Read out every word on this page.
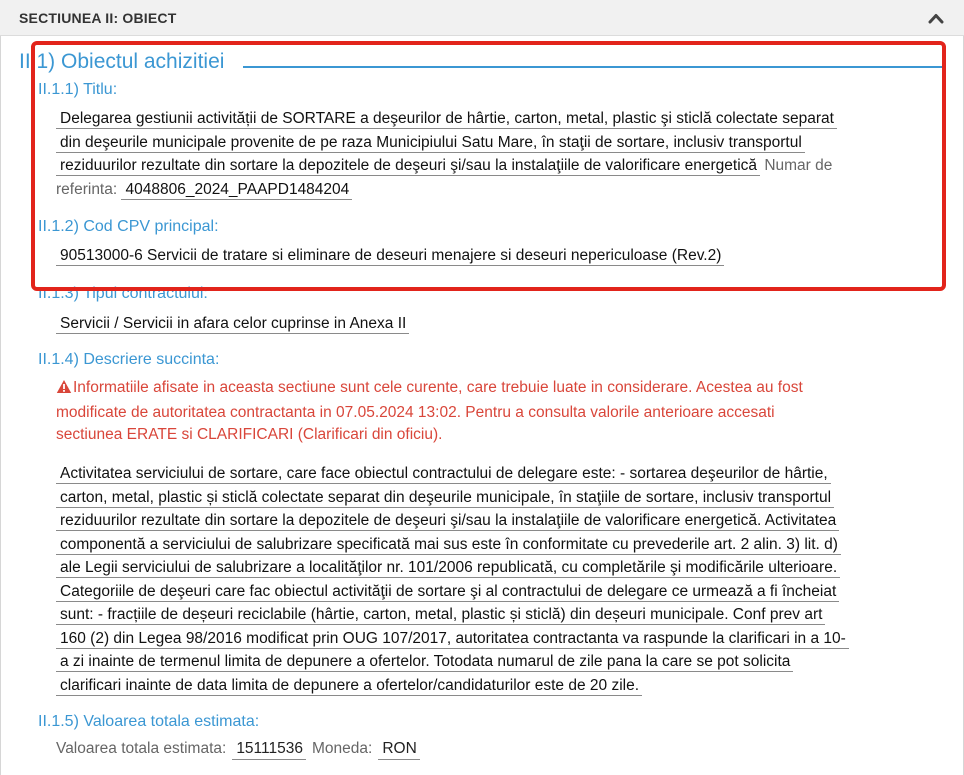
SECTIUNEA II: OBIECT
II.1) Obiectul achizitiei
II.1.1) Titlu:
Delegarea gestiunii activității de SORTARE a deşeurilor de hârtie, carton, metal, plastic şi sticlă colectate separat
din deşeurile municipale provenite de pe raza Municipiului Satu Mare, în staţii de sortare, inclusiv transportul
reziduurilor rezultate din sortare la depozitele de deşeuri şi/sau la instalaţiile de valorificare energetică Numar de
referinta: 4048806_2024_PAAPD1484204
II.1.2) Cod CPV principal:
90513000-6 Servicii de tratare si eliminare de deseuri menajere si deseuri nepericuloase (Rev.2)
II.1.3) Tipul contractului:
Servicii / Servicii in afara celor cuprinse in Anexa II
II.1.4) Descriere succinta:
Informatiile afisate in aceasta sectiune sunt cele curente, care trebuie luate in considerare. Acestea au fost
modificate de autoritatea contractanta in 07.05.2024 13:02. Pentru a consulta valorile anterioare accesati
sectiunea ERATE si CLARIFICARI (Clarificari din oficiu).
Activitatea serviciului de sortare, care face obiectul contractului de delegare este: - sortarea deşeurilor de hârtie,
carton, metal, plastic și sticlă colectate separat din deşeurile municipale, în staţiile de sortare, inclusiv transportul
reziduurilor rezultate din sortare la depozitele de deşeuri şi/sau la instalaţiile de valorificare energetică. Activitatea
componentă a serviciului de salubrizare specificată mai sus este în conformitate cu prevederile art. 2 alin. 3) lit. d)
ale Legii serviciului de salubrizare a localităţilor nr. 101/2006 republicată, cu completările şi modificările ulterioare.
Categoriile de deşeuri care fac obiectul activităţii de sortare şi al contractului de delegare ce urmează a fi încheiat
sunt: - fracțiile de deșeuri reciclabile (hârtie, carton, metal, plastic și sticlă) din deșeuri municipale. Conf prev art
160 (2) din Legea 98/2016 modificat prin OUG 107/2017, autoritatea contractanta va raspunde la clarificari in a 10-
a zi inainte de termenul limita de depunere a ofertelor. Totodata numarul de zile pana la care se pot solicita
clarificari inainte de data limita de depunere a ofertelor/candidaturilor este de 20 zile.
II.1.5) Valoarea totala estimata:
Valoarea totala estimata: 15111536 Moneda: RON
